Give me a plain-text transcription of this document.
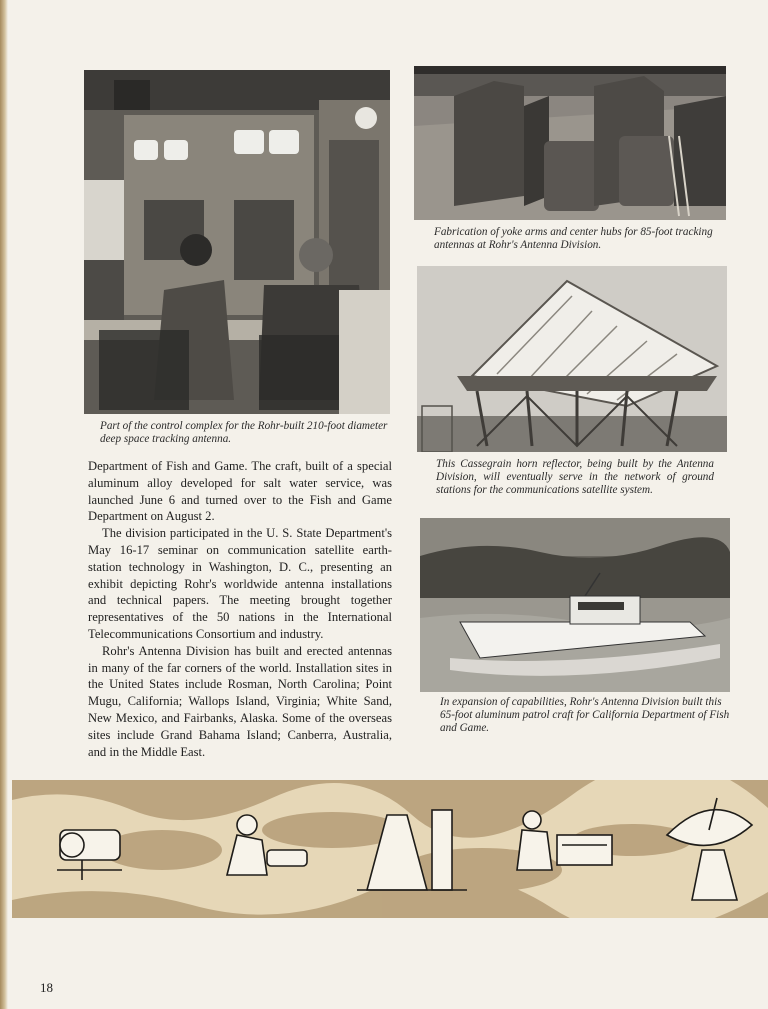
Part of the control complex for the Rohr-built 210-foot diameter deep space tracking antenna.

Fabrication of yoke arms and center hubs for 85-foot tracking antennas at Rohr's Antenna Division.

This Cassegrain horn reflector, being built by the Antenna Division, will eventually serve in the network of ground stations for the communications satellite system.

In expansion of capabilities, Rohr's Antenna Division built this 65-foot aluminum patrol craft for California Department of Fish and Game.

Department of Fish and Game. The craft, built of a special aluminum alloy developed for salt water service, was launched June 6 and turned over to the Fish and Game Department on August 2.

The division participated in the U. S. State Department's May 16-17 seminar on communication satellite earth-station technology in Washington, D. C., presenting an exhibit depicting Rohr's worldwide antenna installations and technical papers. The meeting brought together representatives of the 50 nations in the International Telecommunications Consortium and industry.

Rohr's Antenna Division has built and erected antennas in many of the far corners of the world. Installation sites in the United States include Rosman, North Carolina; Point Mugu, California; Wallops Island, Virginia; White Sand, New Mexico, and Fairbanks, Alaska. Some of the overseas sites include Grand Bahama Island; Canberra, Australia, and in the Middle East.

18
